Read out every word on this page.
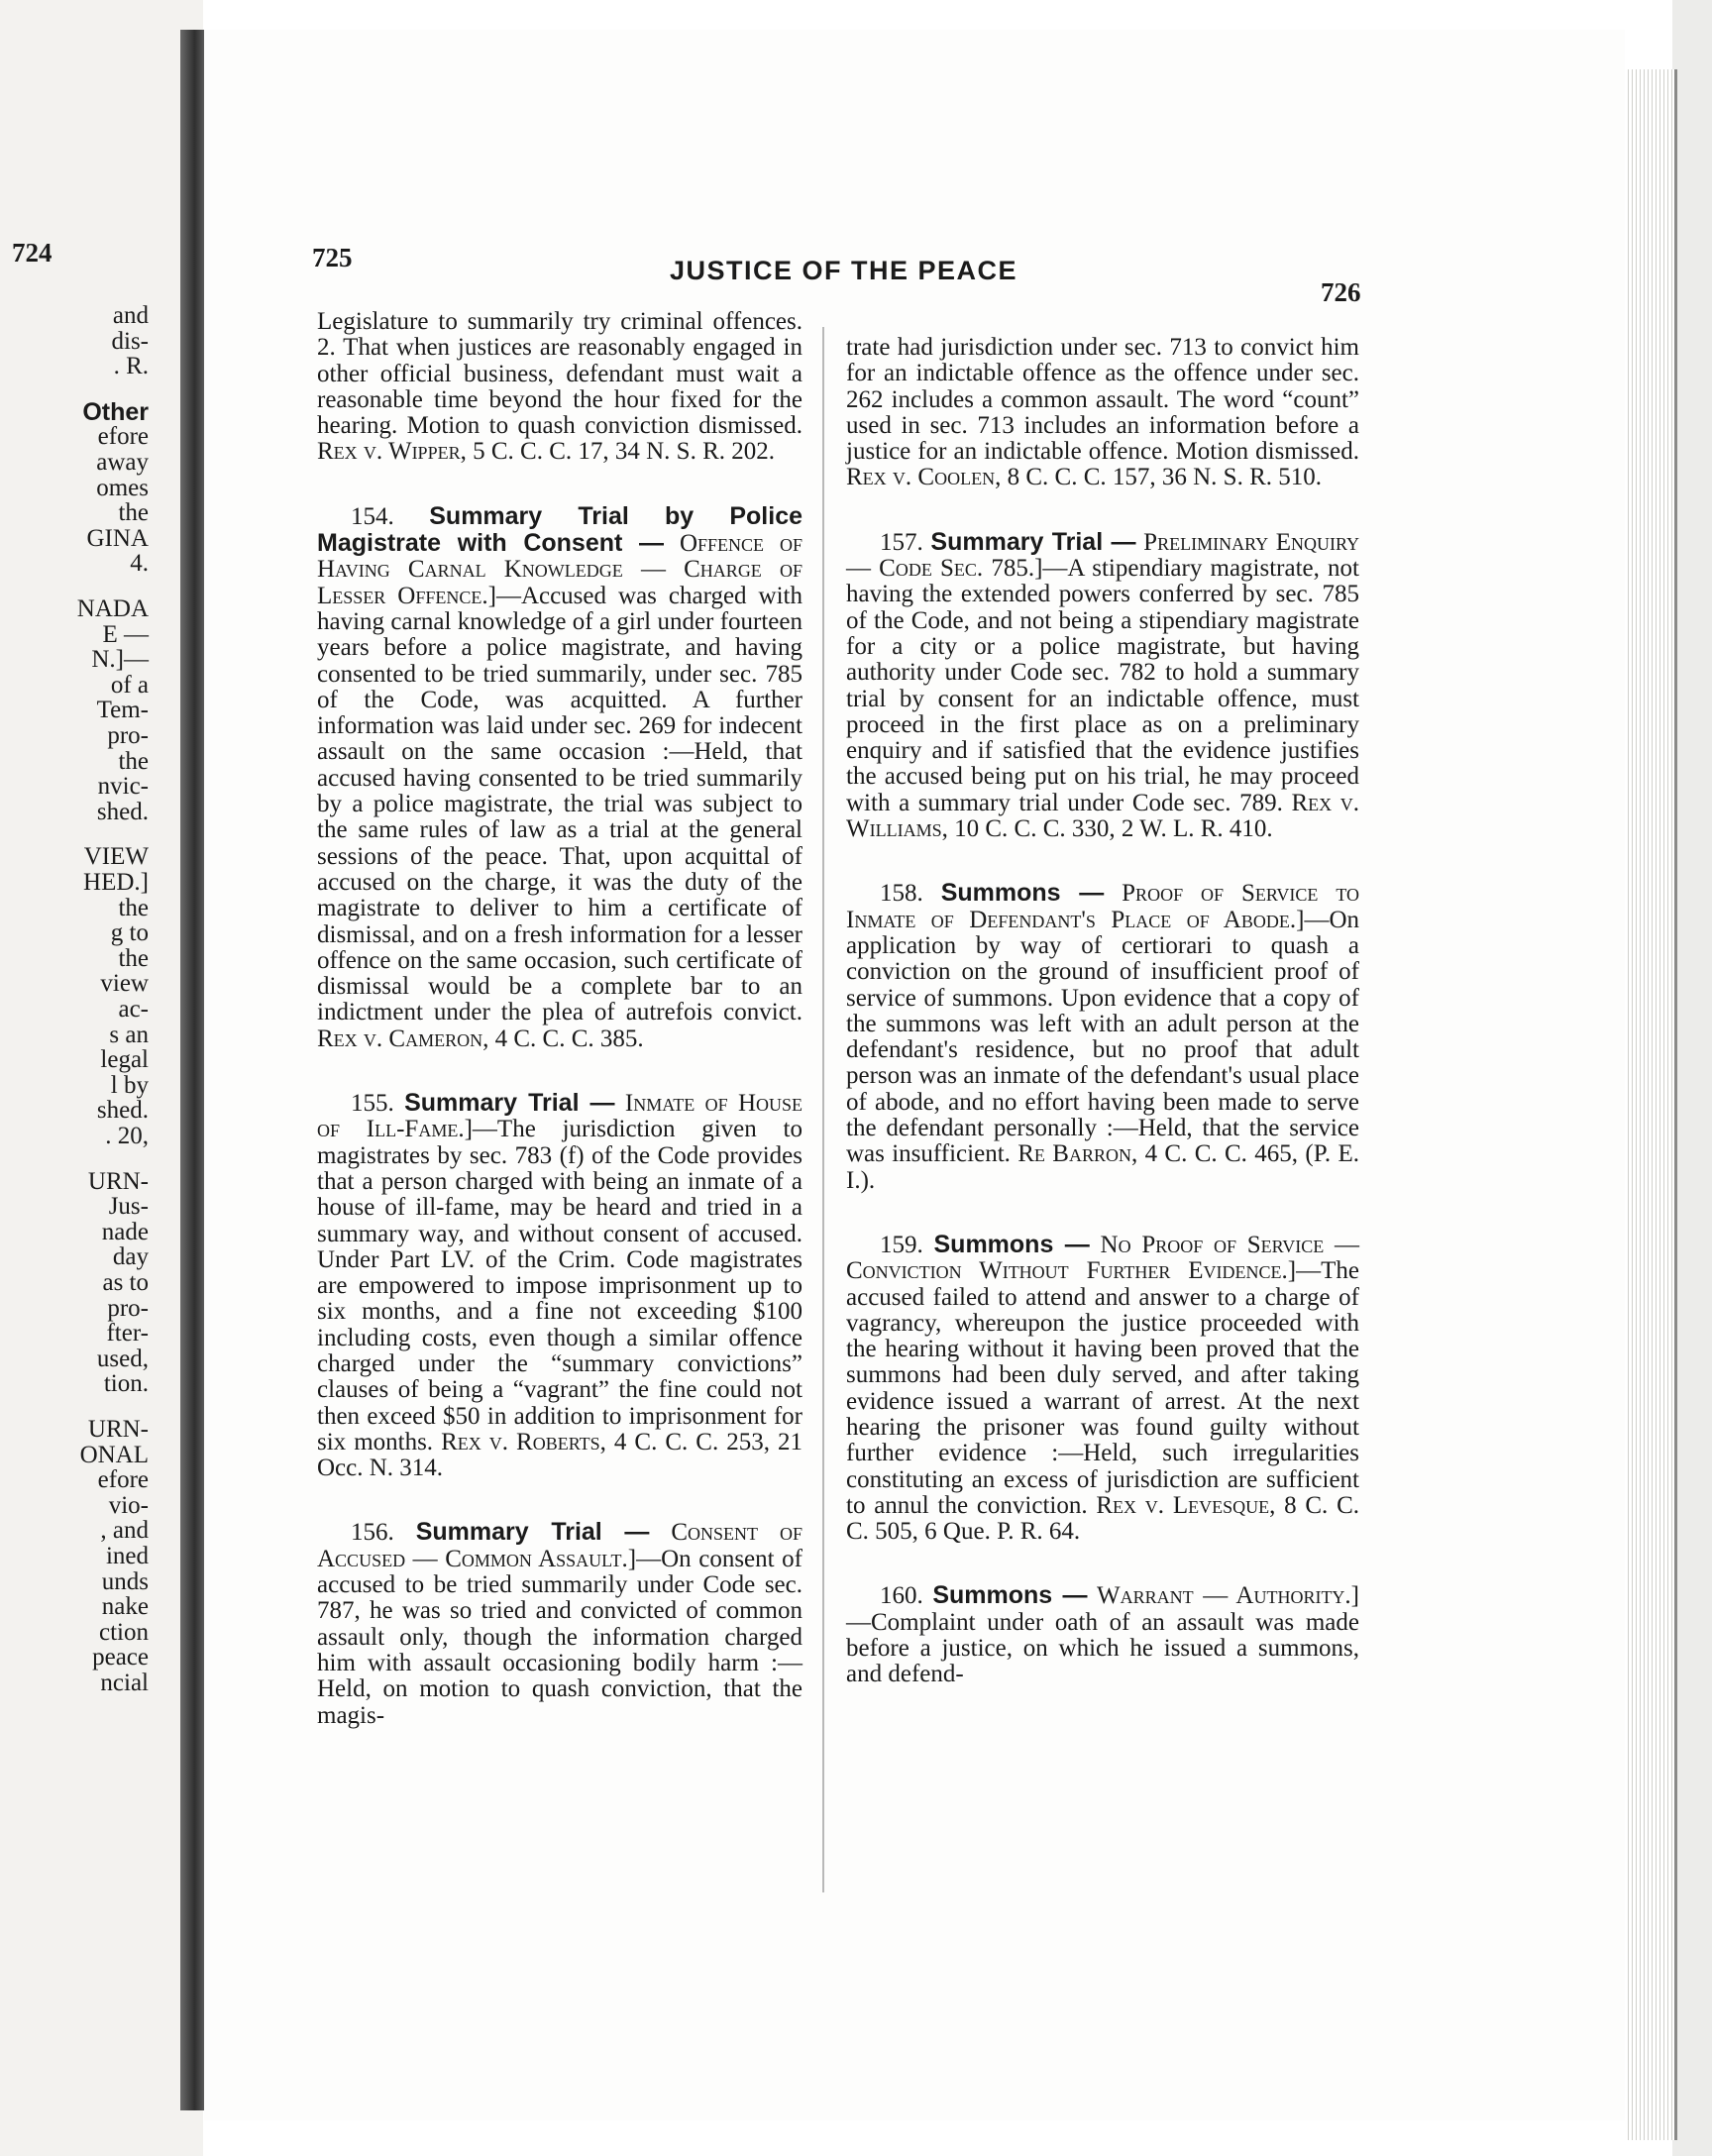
724
and
dis-
. R.
Other
efore
away
omes
the
GINA
4.
NADA
E —
N.]—
of a
Tem-
pro-
the
nvic-
shed.
VIEW
HED.]
the
g to
the
view
ac-
s an
legal
l by
shed.
. 20,
URN-
Jus-
nade
day
as to
pro-
fter-
used,
tion.
URN-
ONAL
efore
vio-
, and
ined
unds
nake
ction
peace
ncial
725	JUSTICE OF THE PEACE
726

Legislature to summarily try criminal offences. 2. That when justices are reasonably engaged in other official business, defendant must wait a reasonable time beyond the hour fixed for the hearing. Motion to quash conviction dismissed. Rex v. Wipper, 5 C. C. C. 17, 34 N. S. R. 202.

154. Summary Trial by Police Magistrate with Consent — Offence of Having Carnal Knowledge — Charge of Lesser Offence.]—Accused was charged with having carnal knowledge of a girl under fourteen years before a police magistrate, and having consented to be tried summarily, under sec. 785 of the Code, was acquitted. A further information was laid under sec. 269 for indecent assault on the same occasion :—Held, that accused having consented to be tried summarily by a police magistrate, the trial was subject to the same rules of law as a trial at the general sessions of the peace. That, upon acquittal of accused on the charge, it was the duty of the magistrate to deliver to him a certificate of dismissal, and on a fresh information for a lesser offence on the same occasion, such certificate of dismissal would be a complete bar to an indictment under the plea of autrefois convict. Rex v. Cameron, 4 C. C. C. 385.

155. Summary Trial — Inmate of House of Ill-Fame.]—The jurisdiction given to magistrates by sec. 783 (f) of the Code provides that a person charged with being an inmate of a house of ill-fame, may be heard and tried in a summary way, and without consent of accused. Under Part LV. of the Crim. Code magistrates are empowered to impose imprisonment up to six months, and a fine not exceeding $100 including costs, even though a similar offence charged under the “summary convictions” clauses of being a “vagrant” the fine could not then exceed $50 in addition to imprisonment for six months. Rex v. Roberts, 4 C. C. C. 253, 21 Occ. N. 314.

156. Summary Trial — Consent of Accused — Common Assault.]—On consent of accused to be tried summarily under Code sec. 787, he was so tried and convicted of common assault only, though the information charged him with assault occasioning bodily harm :—Held, on motion to quash conviction, that the magis-

trate had jurisdiction under sec. 713 to convict him for an indictable offence as the offence under sec. 262 includes a common assault. The word “count” used in sec. 713 includes an information before a justice for an indictable offence. Motion dismissed. Rex v. Coolen, 8 C. C. C. 157, 36 N. S. R. 510.

157. Summary Trial — Preliminary Enquiry — Code Sec. 785.]—A stipendiary magistrate, not having the extended powers conferred by sec. 785 of the Code, and not being a stipendiary magistrate for a city or a police magistrate, but having authority under Code sec. 782 to hold a summary trial by consent for an indictable offence, must proceed in the first place as on a preliminary enquiry and if satisfied that the evidence justifies the accused being put on his trial, he may proceed with a summary trial under Code sec. 789. Rex v. Williams, 10 C. C. C. 330, 2 W. L. R. 410.

158. Summons — Proof of Service to Inmate of Defendant's Place of Abode.]—On application by way of certiorari to quash a conviction on the ground of insufficient proof of service of summons. Upon evidence that a copy of the summons was left with an adult person at the defendant's residence, but no proof that adult person was an inmate of the defendant's usual place of abode, and no effort having been made to serve the defendant personally :—Held, that the service was insufficient. Re Barron, 4 C. C. C. 465, (P. E. I.).

159. Summons — No Proof of Service — Conviction Without Further Evidence.]—The accused failed to attend and answer to a charge of vagrancy, whereupon the justice proceeded with the hearing without it having been proved that the summons had been duly served, and after taking evidence issued a warrant of arrest. At the next hearing the prisoner was found guilty without further evidence :—Held, such irregularities constituting an excess of jurisdiction are sufficient to annul the conviction. Rex v. Levesque, 8 C. C. C. 505, 6 Que. P. R. 64.

160. Summons — Warrant — Authority.]—Complaint under oath of an assault was made before a justice, on which he issued a summons, and defend-
